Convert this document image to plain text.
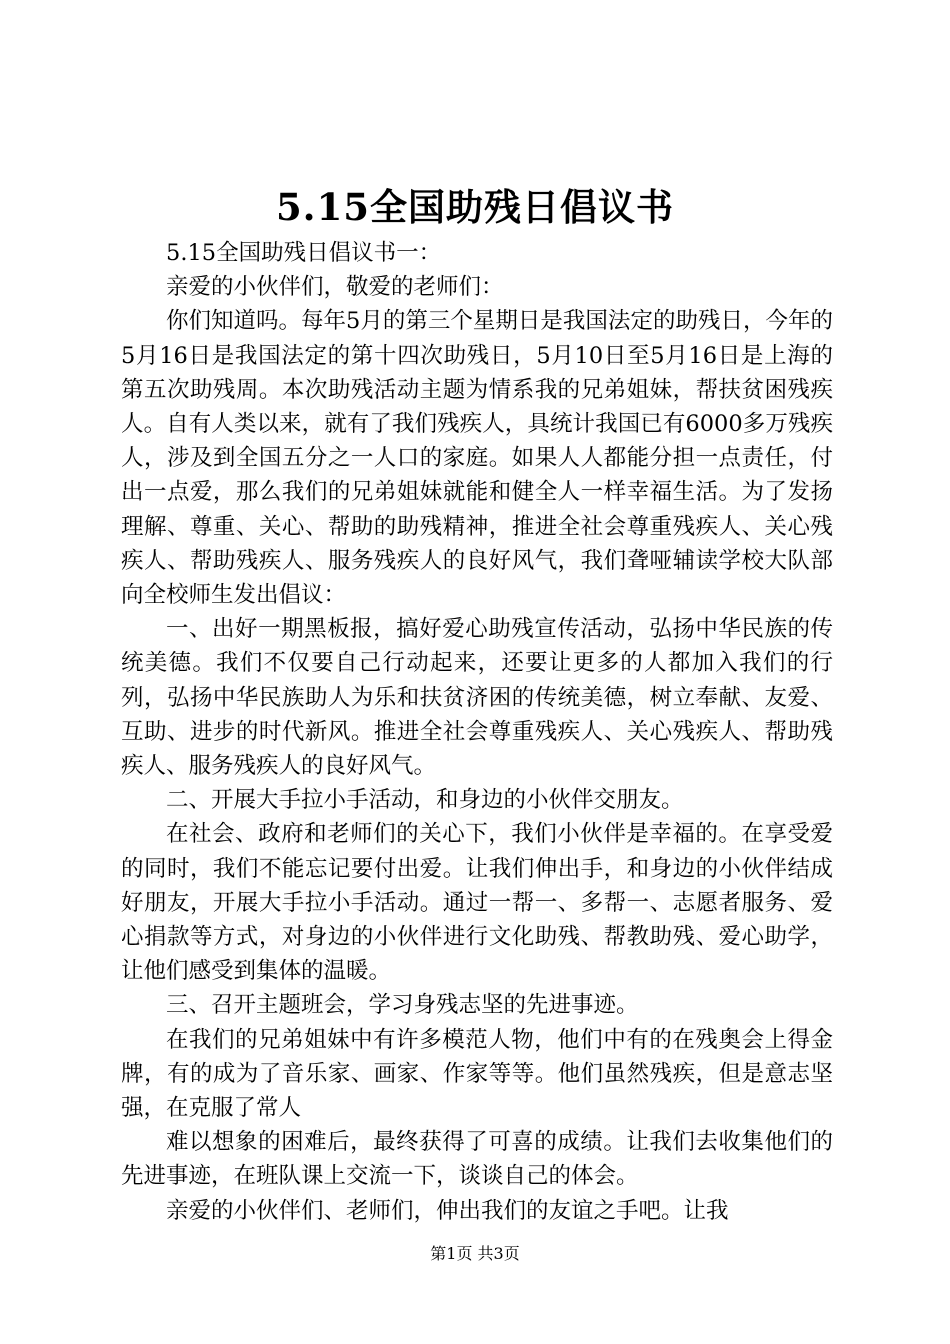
5.15全国助残日倡议书

5.15全国助残日倡议书一：

亲爱的小伙伴们，敬爱的老师们：

你们知道吗。每年5月的第三个星期日是我国法定的助残日，今年的5月16日是我国法定的第十四次助残日，5月10日至5月16日是上海的第五次助残周。本次助残活动主题为情系我的兄弟姐妹，帮扶贫困残疾人。自有人类以来，就有了我们残疾人，具统计我国已有6000多万残疾人，涉及到全国五分之一人口的家庭。如果人人都能分担一点责任，付出一点爱，那么我们的兄弟姐妹就能和健全人一样幸福生活。为了发扬理解、尊重、关心、帮助的助残精神，推进全社会尊重残疾人、关心残疾人、帮助残疾人、服务残疾人的良好风气，我们聋哑辅读学校大队部向全校师生发出倡议：

一、出好一期黑板报，搞好爱心助残宣传活动，弘扬中华民族的传统美德。我们不仅要自己行动起来，还要让更多的人都加入我们的行列，弘扬中华民族助人为乐和扶贫济困的传统美德，树立奉献、友爱、互助、进步的时代新风。推进全社会尊重残疾人、关心残疾人、帮助残疾人、服务残疾人的良好风气。

二、开展大手拉小手活动，和身边的小伙伴交朋友。

在社会、政府和老师们的关心下，我们小伙伴是幸福的。在享受爱的同时，我们不能忘记要付出爱。让我们伸出手，和身边的小伙伴结成好朋友，开展大手拉小手活动。通过一帮一、多帮一、志愿者服务、爱心捐款等方式，对身边的小伙伴进行文化助残、帮教助残、爱心助学，让他们感受到集体的温暖。

三、召开主题班会，学习身残志坚的先进事迹。

在我们的兄弟姐妹中有许多模范人物，他们中有的在残奥会上得金牌，有的成为了音乐家、画家、作家等等。他们虽然残疾，但是意志坚强，在克服了常人

难以想象的困难后，最终获得了可喜的成绩。让我们去收集他们的先进事迹，在班队课上交流一下，谈谈自己的体会。

亲爱的小伙伴们、老师们，伸出我们的友谊之手吧。让我

第1页 共3页
